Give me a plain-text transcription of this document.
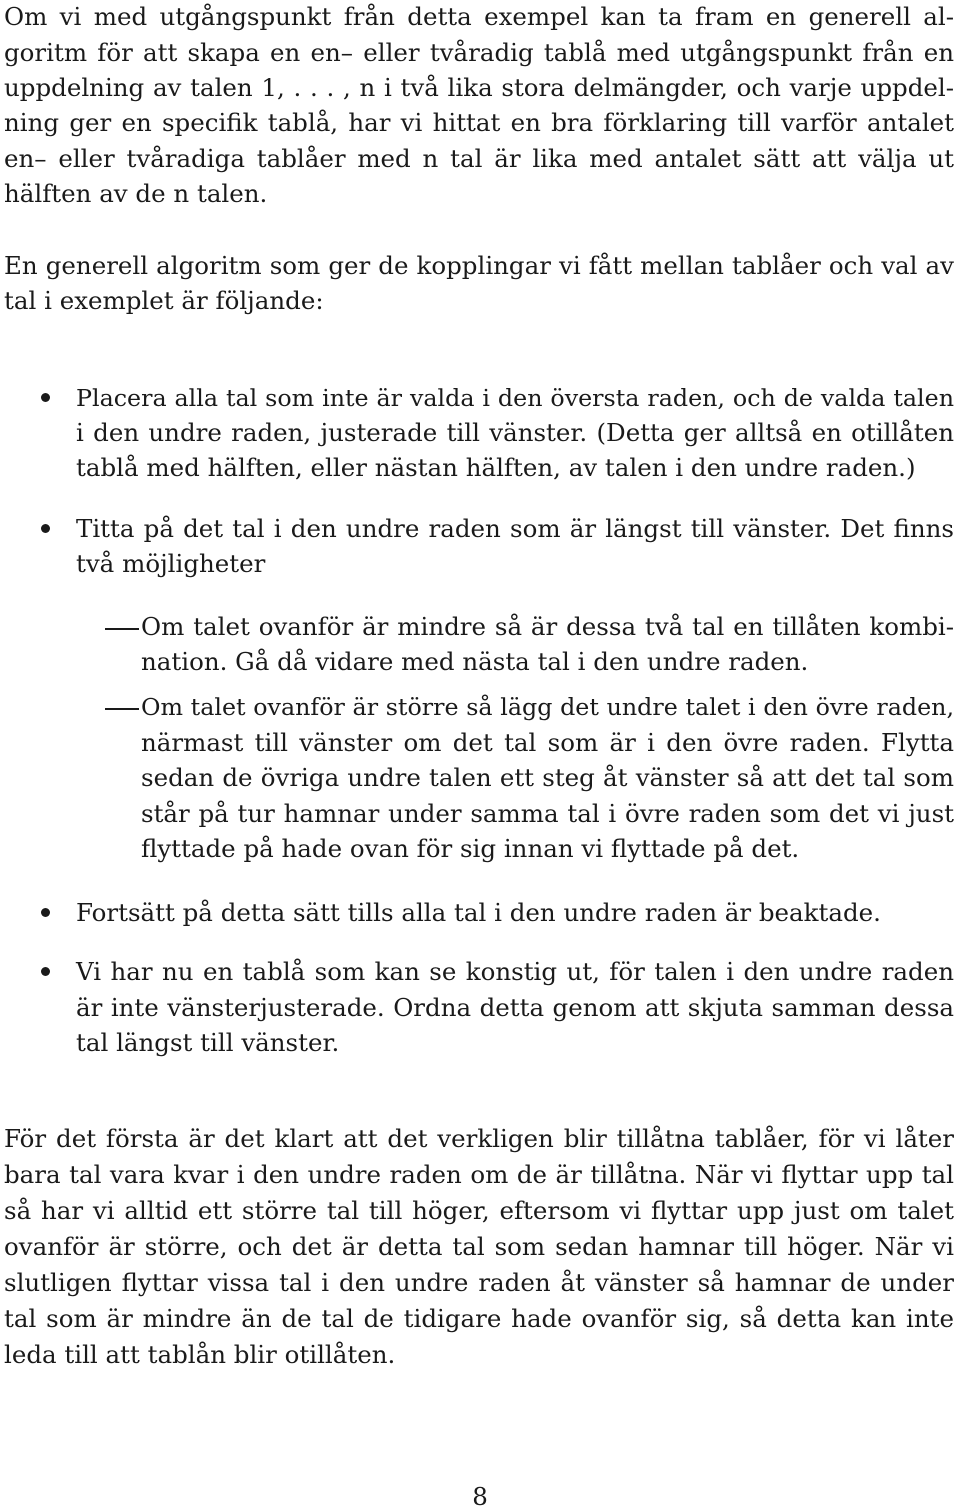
Om vi med utgångspunkt från detta exempel kan ta fram en generell al-
goritm för att skapa en en– eller tvåradig tablå med utgångspunkt från en
uppdelning av talen 1, . . . , n i två lika stora delmängder, och varje uppdel-
ning ger en specifik tablå, har vi hittat en bra förklaring till varför antalet
en– eller tvåradiga tablåer med n tal är lika med antalet sätt att välja ut
hälften av de n talen.
En generell algoritm som ger de kopplingar vi fått mellan tablåer och val av
tal i exemplet är följande:
Placera alla tal som inte är valda i den översta raden, och de valda talen
i den undre raden, justerade till vänster. (Detta ger alltså en otillåten
tablå med hälften, eller nästan hälften, av talen i den undre raden.)
Titta på det tal i den undre raden som är längst till vänster. Det finns
två möjligheter
Om talet ovanför är mindre så är dessa två tal en tillåten kombi-
nation. Gå då vidare med nästa tal i den undre raden.
Om talet ovanför är större så lägg det undre talet i den övre raden,
närmast till vänster om det tal som är i den övre raden. Flytta
sedan de övriga undre talen ett steg åt vänster så att det tal som
står på tur hamnar under samma tal i övre raden som det vi just
flyttade på hade ovan för sig innan vi flyttade på det.
Fortsätt på detta sätt tills alla tal i den undre raden är beaktade.
Vi har nu en tablå som kan se konstig ut, för talen i den undre raden
är inte vänsterjusterade. Ordna detta genom att skjuta samman dessa
tal längst till vänster.
För det första är det klart att det verkligen blir tillåtna tablåer, för vi låter
bara tal vara kvar i den undre raden om de är tillåtna. När vi flyttar upp tal
så har vi alltid ett större tal till höger, eftersom vi flyttar upp just om talet
ovanför är större, och det är detta tal som sedan hamnar till höger. När vi
slutligen flyttar vissa tal i den undre raden åt vänster så hamnar de under
tal som är mindre än de tal de tidigare hade ovanför sig, så detta kan inte
leda till att tablån blir otillåten.
8
